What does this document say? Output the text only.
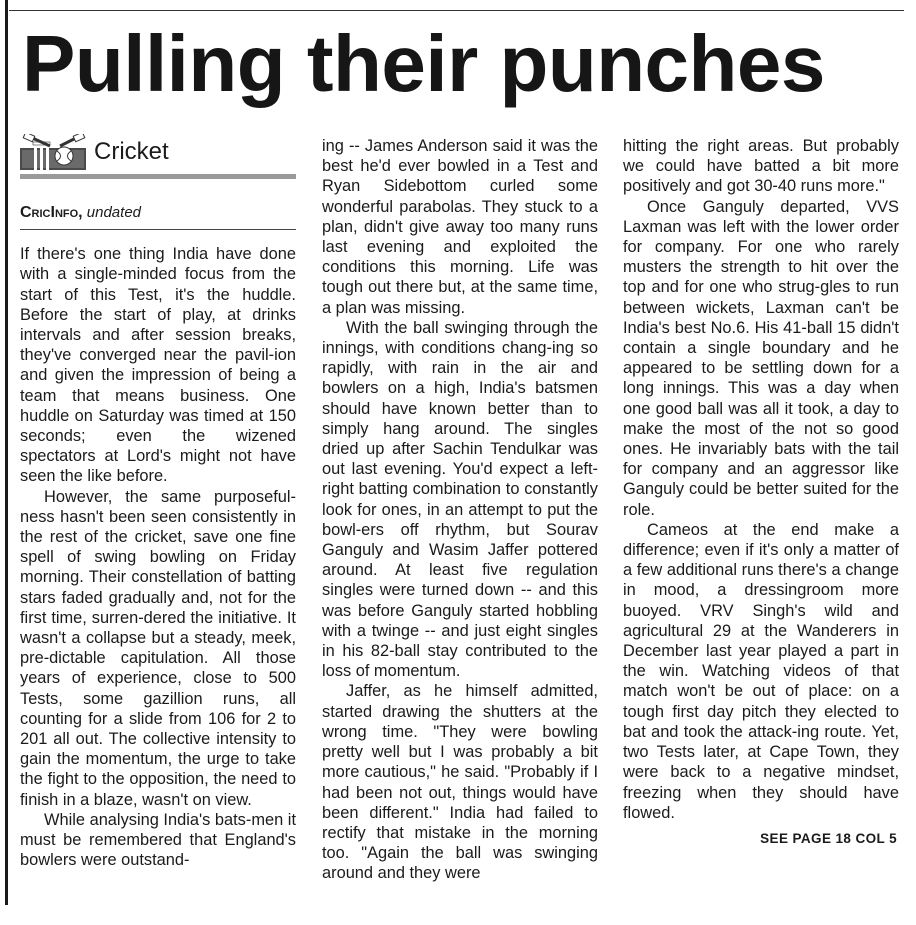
Pulling their punches
Cricket
CricInfo, undated

If there's one thing India have done with a single-minded focus from the start of this Test, it's the huddle. Before the start of play, at drinks intervals and after session breaks, they've converged near the pavil-ion and given the impression of being a team that means business. One huddle on Saturday was timed at 150 seconds; even the wizened spectators at Lord's might not have seen the like before.

However, the same purposeful-ness hasn't been seen consistently in the rest of the cricket, save one fine spell of swing bowling on Friday morning. Their constellation of batting stars faded gradually and, not for the first time, surren-dered the initiative. It wasn't a collapse but a steady, meek, pre-dictable capitulation. All those years of experience, close to 500 Tests, some gazillion runs, all counting for a slide from 106 for 2 to 201 all out. The collective intensity to gain the momentum, the urge to take the fight to the opposition, the need to finish in a blaze, wasn't on view.

While analysing India's bats-men it must be remembered that England's bowlers were outstand-

ing -- James Anderson said it was the best he'd ever bowled in a Test and Ryan Sidebottom curled some wonderful parabolas. They stuck to a plan, didn't give away too many runs last evening and exploited the conditions this morning. Life was tough out there but, at the same time, a plan was missing.

With the ball swinging through the innings, with conditions chang-ing so rapidly, with rain in the air and bowlers on a high, India's batsmen should have known better than to simply hang around. The singles dried up after Sachin Tendulkar was out last evening. You'd expect a left-right batting combination to constantly look for ones, in an attempt to put the bowl-ers off rhythm, but Sourav Ganguly and Wasim Jaffer pottered around. At least five regulation singles were turned down -- and this was before Ganguly started hobbling with a twinge -- and just eight singles in his 82-ball stay contributed to the loss of momentum.

Jaffer, as he himself admitted, started drawing the shutters at the wrong time. "They were bowling pretty well but I was probably a bit more cautious," he said. "Probably if I had been not out, things would have been different." India had failed to rectify that mistake in the morning too. "Again the ball was swinging around and they were

hitting the right areas. But probably we could have batted a bit more positively and got 30-40 runs more."

Once Ganguly departed, VVS Laxman was left with the lower order for company. For one who rarely musters the strength to hit over the top and for one who strug-gles to run between wickets, Laxman can't be India's best No.6. His 41-ball 15 didn't contain a single boundary and he appeared to be settling down for a long innings. This was a day when one good ball was all it took, a day to make the most of the not so good ones. He invariably bats with the tail for company and an aggressor like Ganguly could be better suited for the role.

Cameos at the end make a difference; even if it's only a matter of a few additional runs there's a change in mood, a dressingroom more buoyed. VRV Singh's wild and agricultural 29 at the Wanderers in December last year played a part in the win. Watching videos of that match won't be out of place: on a tough first day pitch they elected to bat and took the attack-ing route. Yet, two Tests later, at Cape Town, they were back to a negative mindset, freezing when they should have flowed.

SEE PAGE 18 COL 5
